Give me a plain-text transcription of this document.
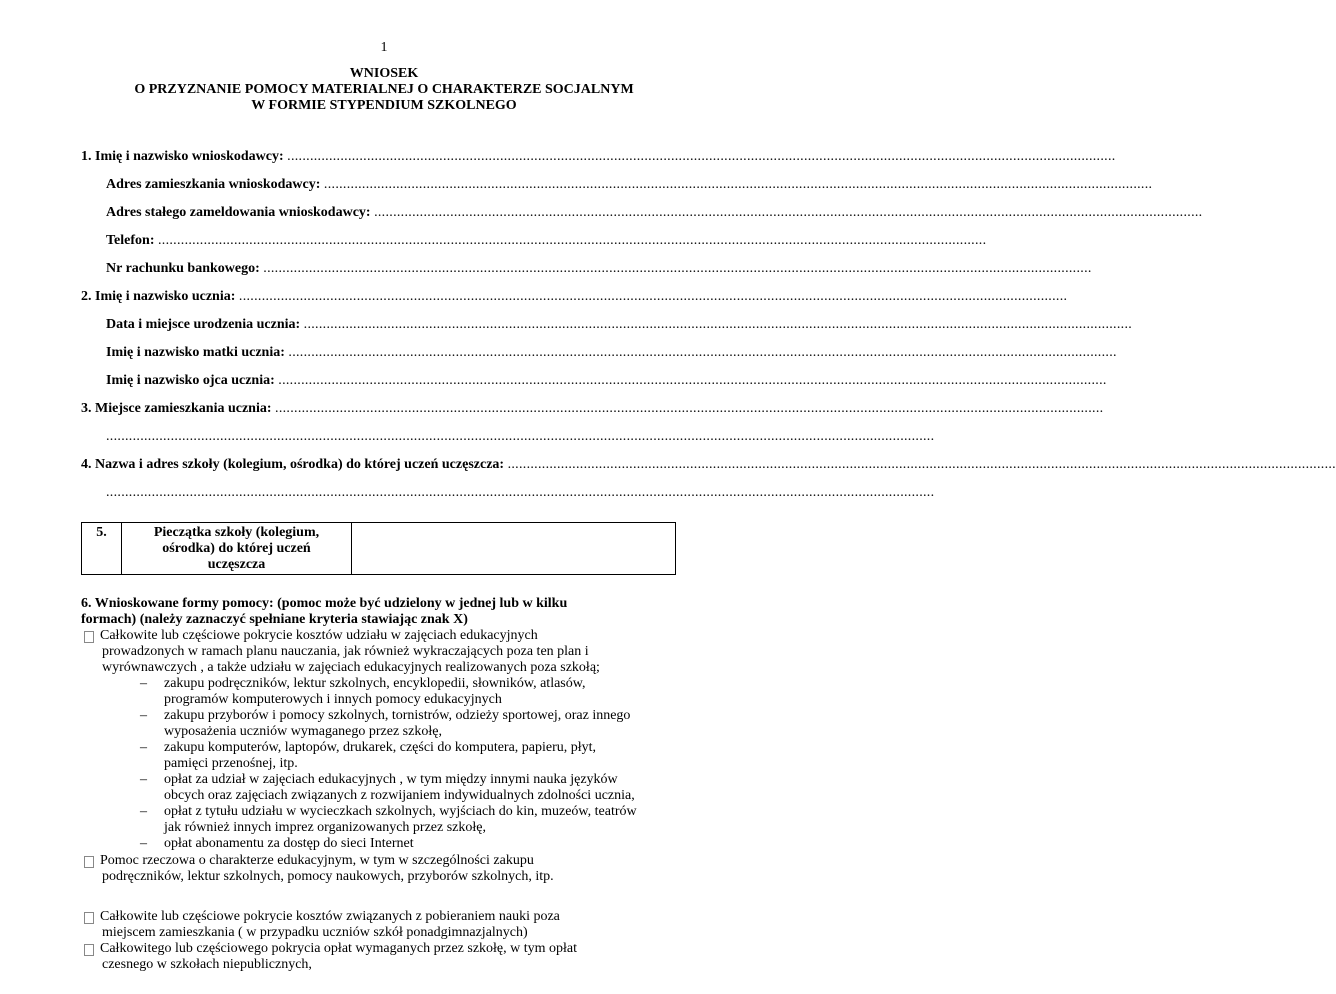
1
WNIOSEK
O PRZYZNANIE POMOCY MATERIALNEJ O CHARAKTERZE SOCJALNYM
W FORMIE STYPENDIUM SZKOLNEGO
1. Imię i nazwisko wnioskodawcy: ..........................................................................................................................................................................................................................
Adres zamieszkania wnioskodawcy: ..........................................................................................................................................................................................................................
Adres stałego zameldowania wnioskodawcy: ..........................................................................................................................................................................................................................
Telefon: ..........................................................................................................................................................................................................................
Nr rachunku bankowego: ..........................................................................................................................................................................................................................
2. Imię i nazwisko ucznia: ..........................................................................................................................................................................................................................
Data i miejsce urodzenia ucznia: ..........................................................................................................................................................................................................................
Imię i nazwisko matki ucznia: ..........................................................................................................................................................................................................................
Imię i nazwisko ojca ucznia: ..........................................................................................................................................................................................................................
3. Miejsce zamieszkania ucznia: ..........................................................................................................................................................................................................................
..........................................................................................................................................................................................................................
4. Nazwa i adres szkoły (kolegium, ośrodka) do której uczeń uczęszcza: ..........................................................................................................................................................................................................................
..........................................................................................................................................................................................................................
5.	Pieczątka szkoły (kolegium,
ośrodka) do której uczeń
uczęszcza

6. Wnioskowane formy pomocy: (pomoc może być udzielony w jednej lub w kilku
formach) (należy zaznaczyć spełniane kryteria stawiając znak X)
Całkowite lub częściowe pokrycie kosztów udziału w zajęciach edukacyjnych
prowadzonych w ramach planu nauczania, jak również wykraczających poza ten plan i
wyrównawczych , a także udziału w zajęciach edukacyjnych realizowanych poza szkołą;
– zakupu podręczników, lektur szkolnych, encyklopedii, słowników, atlasów,
programów komputerowych i innych pomocy edukacyjnych
– zakupu przyborów i pomocy szkolnych, tornistrów, odzieży sportowej, oraz innego
wyposażenia uczniów wymaganego przez szkołę,
– zakupu komputerów, laptopów, drukarek, części do komputera, papieru, płyt,
pamięci przenośnej, itp.
– opłat za udział w zajęciach edukacyjnych , w tym między innymi nauka języków
obcych oraz zajęciach związanych z rozwijaniem indywidualnych zdolności ucznia,
– opłat z tytułu udziału w wycieczkach szkolnych, wyjściach do kin, muzeów, teatrów
jak również innych imprez organizowanych przez szkołę,
– opłat abonamentu za dostęp do sieci Internet
Pomoc rzeczowa o charakterze edukacyjnym, w tym w szczególności zakupu
podręczników, lektur szkolnych, pomocy naukowych, przyborów szkolnych, itp.
Całkowite lub częściowe pokrycie kosztów związanych z pobieraniem nauki poza
miejscem zamieszkania ( w przypadku uczniów szkół ponadgimnazjalnych)
Całkowitego lub częściowego pokrycia opłat wymaganych przez szkołę, w tym opłat
czesnego w szkołach niepublicznych,
